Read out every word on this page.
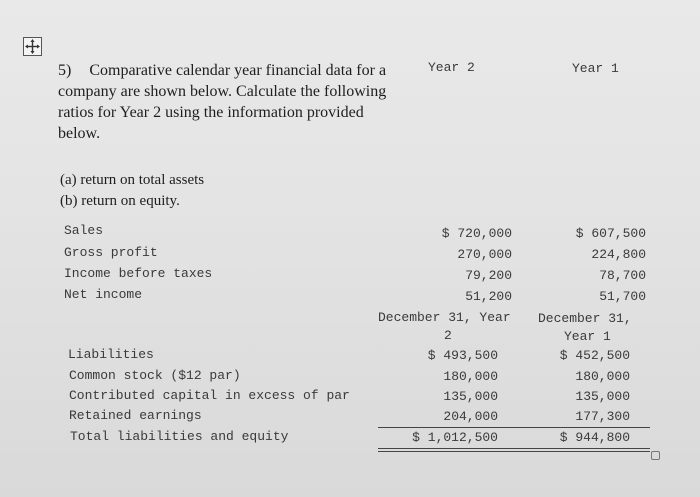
5) Comparative calendar year financial data for a company are shown below. Calculate the following ratios for Year 2 using the information provided below.
(a) return on total assets
(b) return on equity.
Year 2	Year 1
Sales	$ 720,000	$ 607,500
Gross profit	270,000	224,800
Income before taxes	79,200	78,700
Net income	51,200	51,700
December 31, Year
2
December 31,
Year 1
Liabilities	$ 493,500	$ 452,500
Common stock ($12 par)	180,000	180,000
Contributed capital in excess of par	135,000	135,000
Retained earnings	204,000	177,300
Total liabilities and equity	$ 1,012,500	$ 944,800
